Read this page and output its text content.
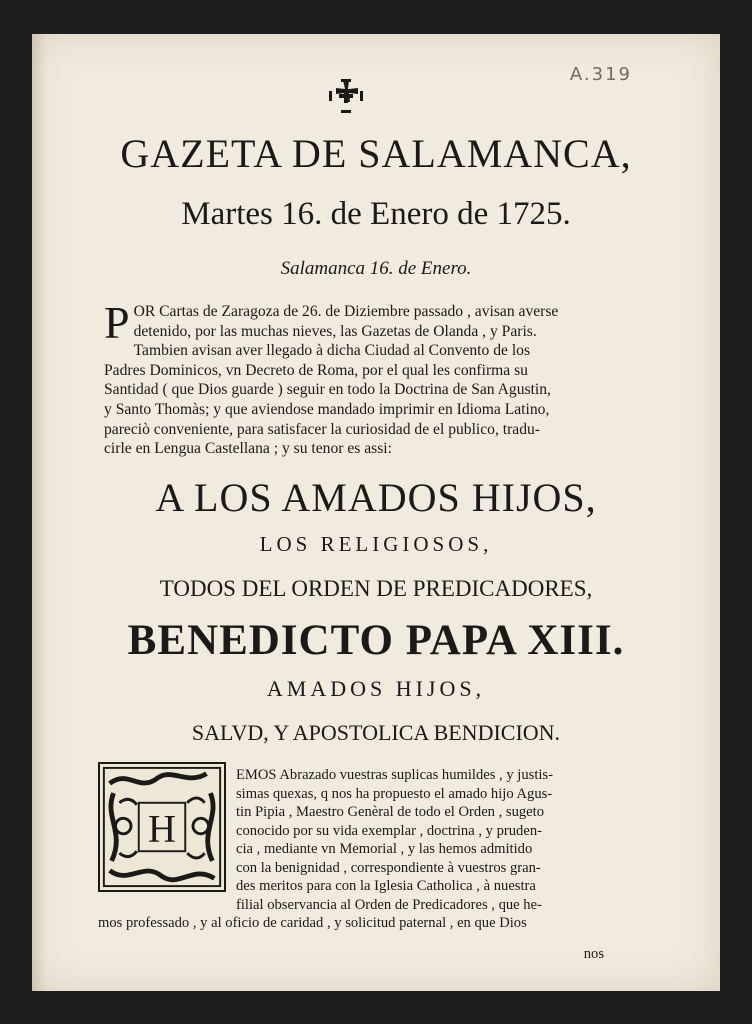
A.319
GAZETA DE SALAMANCA,
Martes 16. de Enero de 1725.
Salamanca 16. de Enero.
P OR Cartas de Zaragoza de 26. de Diziembre passado , avisan averse
detenido, por las muchas nieves, las Gazetas de Olanda , y Paris.
Tambien avisan aver llegado à dicha Ciudad al Convento de los
Padres Dominicos, vn Decreto de Roma, por el qual les confirma su
Santidad ( que Dios guarde ) seguir en todo la Doctrina de San Agustin,
y Santo Thomàs; y que aviendose mandado imprimir en Idioma Latino,
pareciò conveniente, para satisfacer la curiosidad de el publico, tradu-
cirle en Lengua Castellana ; y su tenor es assi:
A LOS AMADOS HIJOS,
LOS RELIGIOSOS,
TODOS DEL ORDEN DE PREDICADORES,
BENEDICTO PAPA XIII.
AMADOS HIJOS,
SALVD, Y APOSTOLICA BENDICION.
H
EMOS Abrazado vuestras suplicas humildes , y justis-
simas quexas, q nos ha propuesto el amado hijo Agus-
tin Pipia , Maestro Genèral de todo el Orden , sugeto
conocido por su vida exemplar , doctrina , y pruden-
cia , mediante vn Memorial , y las hemos admitido
con la benignidad , correspondiente à vuestros gran-
des meritos para con la Iglesia Catholica , à nuestra
filial observancia al Orden de Predicadores , que he-
mos professado , y al oficio de caridad , y solicitud paternal , en que Dios
nos
